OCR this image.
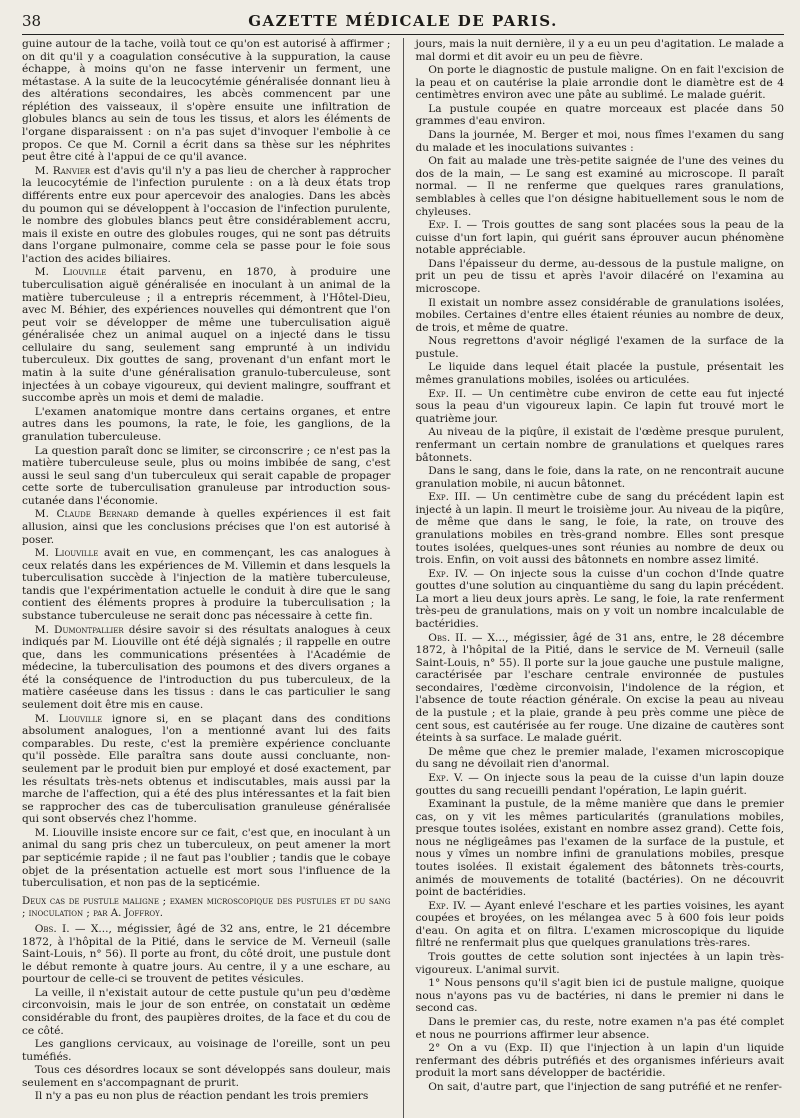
38	GAZETTE MÉDICALE DE PARIS.

guine autour de la tache, voilà tout ce qu'on est autorisé à affirmer ; on dit qu'il y a coagulation consécutive à la suppuration, la cause échappe, à moins qu'on ne fasse intervenir un ferment, une métastase. A la suite de la leucocytémie généralisée donnant lieu à des altérations secondaires, les abcès commencent par une réplétion des vaisseaux, il s'opère ensuite une infiltration de globules blancs au sein de tous les tissus, et alors les éléments de l'organe disparaissent : on n'a pas sujet d'invoquer l'embolie à ce propos. Ce que M. Cornil a écrit dans sa thèse sur les néphrites peut être cité à l'appui de ce qu'il avance.

M. Ranvier est d'avis qu'il n'y a pas lieu de chercher à rapprocher la leucocytémie de l'infection purulente : on a là deux états trop différents entre eux pour apercevoir des analogies. Dans les abcès du poumon qui se développent à l'occasion de l'infection purulente, le nombre des globules blancs peut être considérablement accru, mais il existe en outre des globules rouges, qui ne sont pas détruits dans l'organe pulmonaire, comme cela se passe pour le foie sous l'action des acides biliaires.

M. Liouville était parvenu, en 1870, à produire une tuberculisation aiguë généralisée en inoculant à un animal de la matière tuberculeuse ; il a entrepris récemment, à l'Hôtel-Dieu, avec M. Béhier, des expériences nouvelles qui démontrent que l'on peut voir se développer de même une tuberculisation aiguë généralisée chez un animal auquel on a injecté dans le tissu cellulaire du sang, seulement sang emprunté à un individu tuberculeux. Dix gouttes de sang, provenant d'un enfant mort le matin à la suite d'une généralisation granulo-tuberculeuse, sont injectées à un cobaye vigoureux, qui devient malingre, souffrant et succombe après un mois et demi de maladie.

L'examen anatomique montre dans certains organes, et entre autres dans les poumons, la rate, le foie, les ganglions, de la granulation tuberculeuse.

La question paraît donc se limiter, se circonscrire ; ce n'est pas la matière tuberculeuse seule, plus ou moins imbibée de sang, c'est aussi le seul sang d'un tuberculeux qui serait capable de propager cette sorte de tuberculisation granuleuse par introduction sous-cutanée dans l'économie.

M. Claude Bernard demande à quelles expériences il est fait allusion, ainsi que les conclusions précises que l'on est autorisé à poser.

M. Liouville avait en vue, en commençant, les cas analogues à ceux relatés dans les expériences de M. Villemin et dans lesquels la tuberculisation succède à l'injection de la matière tuberculeuse, tandis que l'expérimentation actuelle le conduit à dire que le sang contient des éléments propres à produire la tuberculisation ; la substance tuberculeuse ne serait donc pas nécessaire à cette fin.

M. Dumontpallier désire savoir si des résultats analogues à ceux indiqués par M. Liouville ont été déjà signalés ; il rappelle en outre que, dans les communications présentées à l'Académie de médecine, la tuberculisation des poumons et des divers organes a été la conséquence de l'introduction du pus tuberculeux, de la matière caséeuse dans les tissus : dans le cas particulier le sang seulement doit être mis en cause.

M. Liouville ignore si, en se plaçant dans des conditions absolument analogues, l'on a mentionné avant lui des faits comparables. Du reste, c'est la première expérience concluante qu'il possède. Elle paraîtra sans doute aussi concluante, non-seulement par le produit bien pur employé et dosé exactement, par les résultats très-nets obtenus et indiscutables, mais aussi par la marche de l'affection, qui a été des plus intéressantes et la fait bien se rapprocher des cas de tuberculisation granuleuse généralisée qui sont observés chez l'homme.

M. Liouville insiste encore sur ce fait, c'est que, en inoculant à un animal du sang pris chez un tuberculeux, on peut amener la mort par septicémie rapide ; il ne faut pas l'oublier ; tandis que le cobaye objet de la présentation actuelle est mort sous l'influence de la tuberculisation, et non pas de la septicémie.

Deux cas de pustule maligne ; examen microscopique des pustules et du sang ; inoculation ; par A. Joffroy.

Obs. I. — X..., mégissier, âgé de 32 ans, entre, le 21 décembre 1872, à l'hôpital de la Pitié, dans le service de M. Verneuil (salle Saint-Louis, n° 56). Il porte au front, du côté droit, une pustule dont le début remonte à quatre jours. Au centre, il y a une eschare, au pourtour de celle-ci se trouvent de petites vésicules.

La veille, il n'existait autour de cette pustule qu'un peu d'œdème circonvoisin, mais le jour de son entrée, on constatait un œdème considérable du front, des paupières droites, de la face et du cou de ce côté.

Les ganglions cervicaux, au voisinage de l'oreille, sont un peu tuméfiés.

Tous ces désordres locaux se sont développés sans douleur, mais seulement en s'accompagnant de prurit.

Il n'y a pas eu non plus de réaction pendant les trois premiers

jours, mais la nuit dernière, il y a eu un peu d'agitation. Le malade a mal dormi et dit avoir eu un peu de fièvre.

On porte le diagnostic de pustule maligne. On en fait l'excision de la peau et on cautérise la plaie arrondie dont le diamètre est de 4 centimètres environ avec une pâte au sublimé. Le malade guérit.

La pustule coupée en quatre morceaux est placée dans 50 grammes d'eau environ.

Dans la journée, M. Berger et moi, nous fîmes l'examen du sang du malade et les inoculations suivantes :

On fait au malade une très-petite saignée de l'une des veines du dos de la main, — Le sang est examiné au microscope. Il paraît normal. — Il ne renferme que quelques rares granulations, semblables à celles que l'on désigne habituellement sous le nom de chyleuses.

Exp. I. — Trois gouttes de sang sont placées sous la peau de la cuisse d'un fort lapin, qui guérit sans éprouver aucun phénomène notable appréciable.

Dans l'épaisseur du derme, au-dessous de la pustule maligne, on prit un peu de tissu et après l'avoir dilacéré on l'examina au microscope.

Il existait un nombre assez considérable de granulations isolées, mobiles. Certaines d'entre elles étaient réunies au nombre de deux, de trois, et même de quatre.

Nous regrettons d'avoir négligé l'examen de la surface de la pustule.

Le liquide dans lequel était placée la pustule, présentait les mêmes granulations mobiles, isolées ou articulées.

Exp. II. — Un centimètre cube environ de cette eau fut injecté sous la peau d'un vigoureux lapin. Ce lapin fut trouvé mort le quatrième jour.

Au niveau de la piqûre, il existait de l'œdème presque purulent, renfermant un certain nombre de granulations et quelques rares bâtonnets.

Dans le sang, dans le foie, dans la rate, on ne rencontrait aucune granulation mobile, ni aucun bâtonnet.

Exp. III. — Un centimètre cube de sang du précédent lapin est injecté à un lapin. Il meurt le troisième jour. Au niveau de la piqûre, de même que dans le sang, le foie, la rate, on trouve des granulations mobiles en très-grand nombre. Elles sont presque toutes isolées, quelques-unes sont réunies au nombre de deux ou trois. Enfin, on voit aussi des bâtonnets en nombre assez limité.

Exp. IV. — On injecte sous la cuisse d'un cochon d'Inde quatre gouttes d'une solution au cinquantième du sang du lapin précédent. La mort a lieu deux jours après. Le sang, le foie, la rate renferment très-peu de granulations, mais on y voit un nombre incalculable de bactéridies.

Obs. II. — X..., mégissier, âgé de 31 ans, entre, le 28 décembre 1872, à l'hôpital de la Pitié, dans le service de M. Verneuil (salle Saint-Louis, n° 55). Il porte sur la joue gauche une pustule maligne, caractérisée par l'eschare centrale environnée de pustules secondaires, l'œdème circonvoisin, l'indolence de la région, et l'absence de toute réaction générale. On excise la peau au niveau de la pustule ; et la plaie, grande à peu près comme une pièce de cent sous, est cautérisée au fer rouge. Une dizaine de cautères sont éteints à sa surface. Le malade guérit.

De même que chez le premier malade, l'examen microscopique du sang ne dévoilait rien d'anormal.

Exp. V. — On injecte sous la peau de la cuisse d'un lapin douze gouttes du sang recueilli pendant l'opération, Le lapin guérit.

Examinant la pustule, de la même manière que dans le premier cas, on y vit les mêmes particularités (granulations mobiles, presque toutes isolées, existant en nombre assez grand). Cette fois, nous ne négligeâmes pas l'examen de la surface de la pustule, et nous y vîmes un nombre infini de granulations mobiles, presque toutes isolées. Il existait également des bâtonnets très-courts, animés de mouvements de totalité (bactéries). On ne découvrit point de bactéridies.

Exp. IV. — Ayant enlevé l'eschare et les parties voisines, les ayant coupées et broyées, on les mélangea avec 5 à 600 fois leur poids d'eau. On agita et on filtra. L'examen microscopique du liquide filtré ne renfermait plus que quelques granulations très-rares.

Trois gouttes de cette solution sont injectées à un lapin très-vigoureux. L'animal survit.

1° Nous pensons qu'il s'agit bien ici de pustule maligne, quoique nous n'ayons pas vu de bactéries, ni dans le premier ni dans le second cas.

Dans le premier cas, du reste, notre examen n'a pas été complet et nous ne pourrions affirmer leur absence.

2° On a vu (Exp. II) que l'injection à un lapin d'un liquide renfermant des débris putréfiés et des organismes inférieurs avait produit la mort sans développer de bactéridie.

On sait, d'autre part, que l'injection de sang putréfié et ne renfer-
